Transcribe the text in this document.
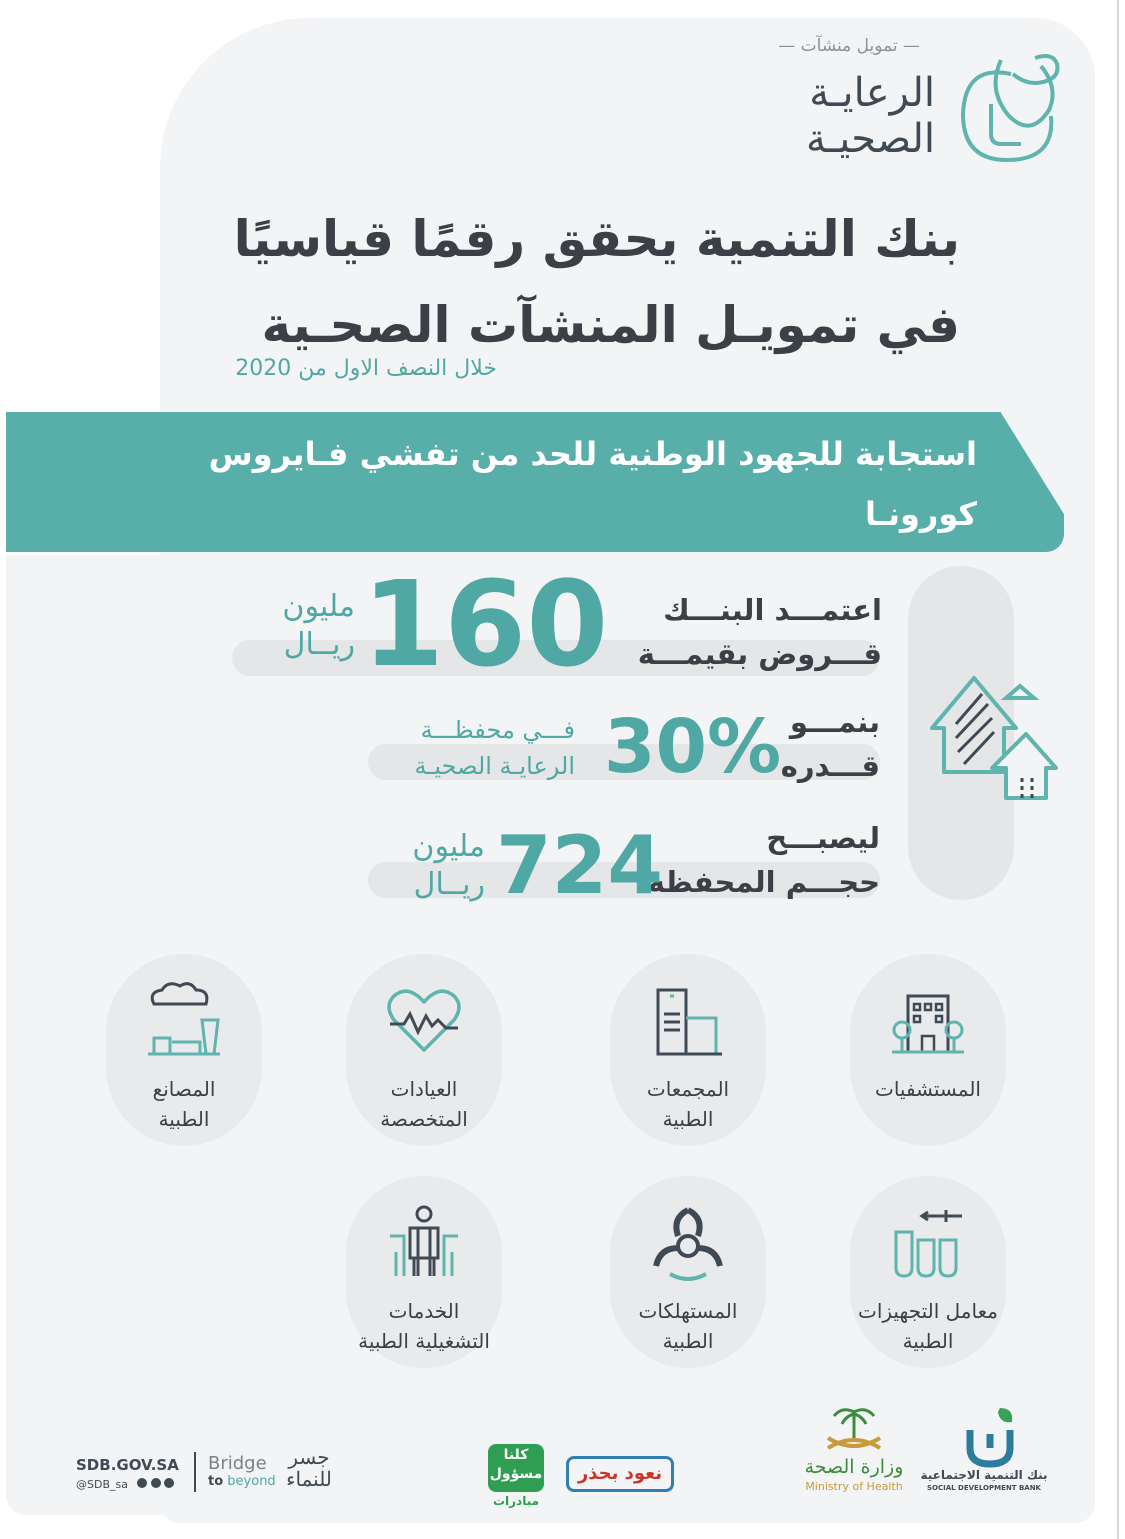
— تمويل منشآت —
الرعايـة
الصحيـة
بنك التنمية يحقق رقمًا قياسيًا
في تمويـل المنشآت الصحـية
خلال النصف الاول من 2020
استجابة للجهود الوطنية للحد من تفشي فـايروس
كورونـا
اعتمـــد البنـــك
قـــروض بقيمـــة
160
مليون
ريــال
بنمـــو
قـــدره
30%
فـــي محفظـــة
الرعايـة الصحيـة
ليصبـــح
حجـــم المحفظة
724
مليون
ريــال
المستشفيات
المجمعات
الطبية
العيادات
المتخصصة
المصانع
الطبية
معامل التجهيزات
الطبية
المستهلكات
الطبية
الخدمات
التشغيلية الطبية
SDB.GOV.SA
@SDB_sa
Bridge
to beyond
جسر
للنماء
كلنا
مسؤول
مبادرات
نعود بحذر	وزارة الصحة
Ministry of Health
بنك التنمية الاجتماعية
SOCIAL DEVELOPMENT BANK
